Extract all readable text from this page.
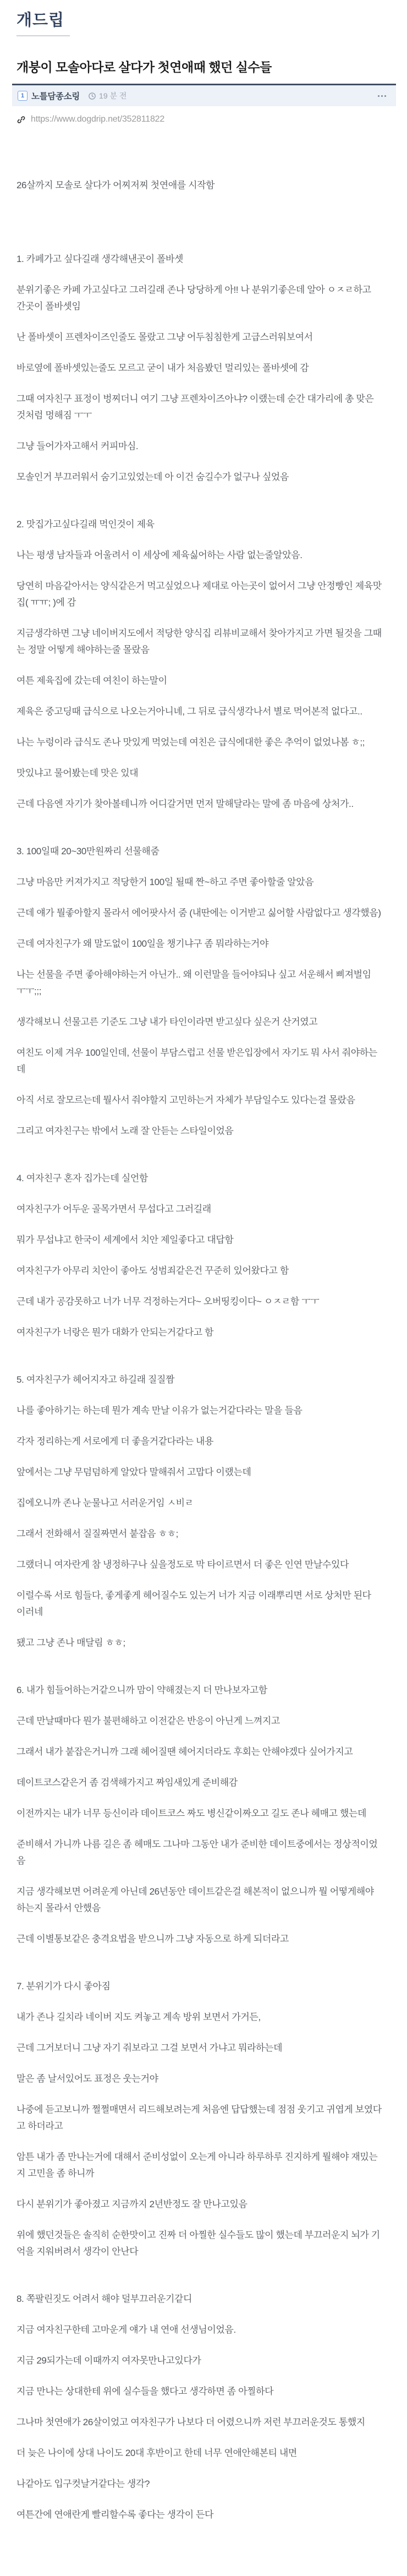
개드립
개붕이 모솔아다로 살다가 첫연애때 했던 실수들
1 노틀담종소링	19 분 전
https://www.dogdrip.net/352811822

26살까지 모솔로 살다가 어찌저찌 첫연애를 시작함

1. 카페가고 싶다길래 생각해낸곳이 폴바셋

분위기좋은 카페 가고싶다고 그러길래 존나 당당하게 아!! 나 분위기좋은데 알아 ㅇㅈㄹ하고 간곳이 폴바셋임

난 폴바셋이 프렌차이즈인줄도 몰랐고 그냥 어두침침한게 고급스러워보여서

바로옆에 폴바셋있는줄도 모르고 굳이 내가 처음봤던 멀리있는 폴바셋에 감

그때 여자친구 표정이 벙찌더니 여기 그냥 프렌차이즈아냐? 이랬는데 순간 대가리에 총 맞은것처럼 멍해짐 ㅜㅜ

그냥 들어가자고해서 커피마심.

모솔인거 부끄러워서 숨기고있었는데 아 이건 숨길수가 없구나 싶었음

2. 맛집가고싶다길래 먹인것이 제육

나는 평생 남자들과 어울려서 이 세상에 제육싫어하는 사람 없는줄알았음.

당연히 마음같아서는 양식같은거 먹고싶었으나 제대로 아는곳이 없어서 그냥 안정빵인 제육맛집( ㅠㅠ; )에 감

지금생각하면 그냥 네이버지도에서 적당한 양식집 리뷰비교해서 찾아가지고 가면 될것을 그때는 정말 어떻게 해야하는줄 몰랐음

여튼 제육집에 갔는데 여친이 하는말이

제육은 중고딩때 급식으로 나오는거아니녜, 그 뒤로 급식생각나서 별로 먹어본적 없다고..

나는 누렁이라 급식도 존나 맛있게 먹었는데 여친은 급식에대한 좋은 추억이 없었나봄 ㅎ;;

맛있냐고 물어봤는데 맛은 있대

근데 다음엔 자기가 찾아볼테니까 어디갈거면 먼저 말해달라는 말에 좀 마음에 상처가..

3. 100일때 20~30만원짜리 선물해줌

그냥 마음만 커져가지고 적당한거 100일 될때 짠~하고 주면 좋아할줄 알았음

근데 얘가 뭘좋아할지 몰라서 에어팟사서 줌 (내딴에는 이거받고 싫어할 사람없다고 생각했음)

근데 여자친구가 왜 말도없이 100일을 챙기냐구 좀 뭐라하는거야

나는 선물을 주면 좋아해야하는거 아닌가.. 왜 이런말을 들어야되나 싶고 서운해서 삐져벌임 ㅜㅜ;;;

생각해보니 선물고른 기준도 그냥 내가 타인이라면 받고싶다 싶은거 산거였고

여친도 이제 겨우 100일인데, 선물이 부담스럽고 선물 받은입장에서 자기도 뭐 사서 줘야하는데

아직 서로 잘모르는데 뭘사서 줘야할지 고민하는거 자체가 부담일수도 있다는걸 몰랐음

그리고 여자친구는 밖에서 노래 잘 안듣는 스타일이었음

4. 여자친구 혼자 집가는데 실언함

여자친구가 어두운 골목가면서 무섭다고 그러길래

뭐가 무섭냐고 한국이 세계에서 치안 제일좋다고 대답함

여자친구가 아무리 치안이 좋아도 성범죄같은건 꾸준히 있어왔다고 함

근데 내가 공감못하고 너가 너무 걱정하는거다~ 오버띵킹이다~ ㅇㅈㄹ함 ㅜㅜ

여자친구가 너랑은 뭔가 대화가 안되는거같다고 함

5. 여자친구가 헤어지자고 하길래 질질짬

나를 좋아하기는 하는데 뭔가 계속 만날 이유가 없는거같다라는 말을 들음

각자 정리하는게 서로에게 더 좋을거같다라는 내용

앞에서는 그냥 무덤덤하게 알았다 말해줘서 고맙다 이랬는데

집에오니까 존나 눈물나고 서러운거임 ㅅ비ㄹ

그래서 전화해서 질질짜면서 붙잡음 ㅎㅎ;

그랬더니 여자란게 참 냉정하구나 싶을정도로 막 타이르면서 더 좋은 인연 만날수있다

이럴수록 서로 힘들다, 좋게좋게 헤어질수도 있는거 너가 지금 이래뿌리면 서로 상처만 된다 이러네

됐고 그냥 존나 매달림 ㅎㅎ;

6. 내가 힘들어하는거같으니까 맘이 약해졌는지 더 만나보자고함

근데 만날때마다 뭔가 불편해하고 이전같은 반응이 아닌게 느껴지고

그래서 내가 붙잡은거니까 그래 헤어질땐 헤어지더라도 후회는 안해야겠다 싶어가지고

데이트코스같은거 좀 검색해가지고 짜임새있게 준비해감

이전까지는 내가 너무 등신이라 데이트코스 짜도 병신같이짜오고 길도 존나 헤매고 했는데

준비해서 가니까 나름 길은 좀 헤매도 그나마 그동안 내가 준비한 데이트중에서는 정상적이었음

지금 생각해보면 어려운게 아닌데 26년동안 데이트같은걸 해본적이 없으니까 뭘 어떻게해야하는지 몰라서 안했음

근데 이별통보같은 충격요법을 받으니까 그냥 자동으로 하게 되더라고

7. 분위기가 다시 좋아짐

내가 존나 길치라 네이버 지도 켜놓고 계속 방위 보면서 가거든,

근데 그거보더니 그냥 자기 줘보라고 그걸 보면서 가냐고 뭐라하는데

말은 좀 날서있어도 표정은 웃는거야

나중에 듣고보니까 쩔쩔매면서 리드해보려는게 처음엔 답답했는데 점점 웃기고 귀엽게 보였다고 하더라고

암튼 내가 좀 만나는거에 대해서 준비성없이 오는게 아니라 하루하루 진지하게 뭘해야 재밌는지 고민을 좀 하니까

다시 분위기가 좋아졌고 지금까지 2년반정도 잘 만나고있음

위에 했던것들은 솔직히 순한맛이고 진짜 더 아찔한 실수들도 많이 했는데 부끄러운지 뇌가 기억을 지워버려서 생각이 안난다

8. 쪽팔린짓도 어려서 해야 덜부끄러운기같디

지금 여자친구한테 고마운게 얘가 내 연애 선생님이었음.

지금 29되가는데 이때까지 여자못만나고있다가

지금 만나는 상대한테 위에 실수들을 했다고 생각하면 좀 아찔하다

그나마 첫연애가 26살이었고 여자친구가 나보다 더 어렸으니까 저런 부끄러운것도 통했지

더 늦은 나이에 상대 나이도 20대 후반이고 한데 너무 연애안해본티 내면

나같아도 입구컷날거같다는 생각?

여튼간에 연애란게 빨리할수록 좋다는 생각이 든다
